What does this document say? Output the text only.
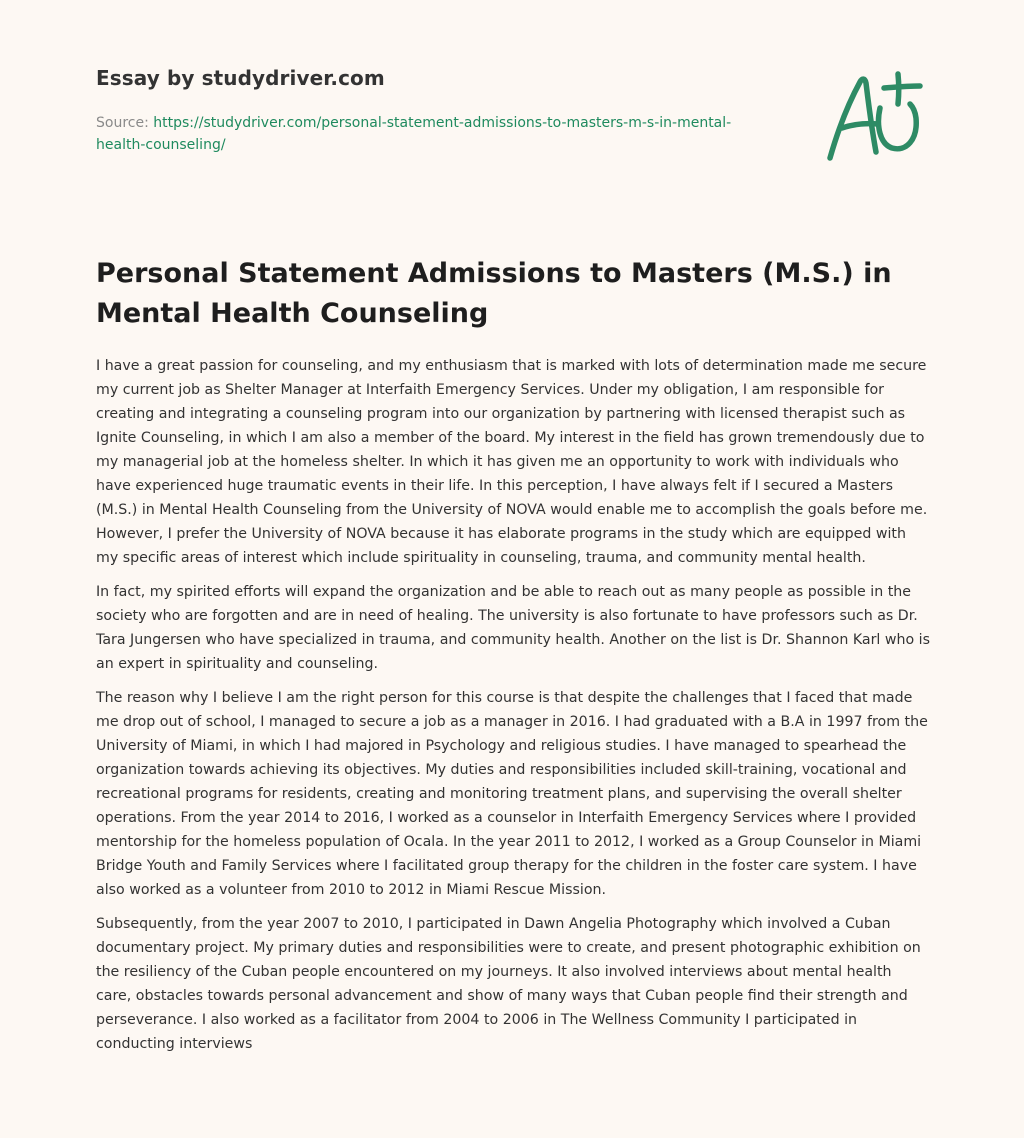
Essay by studydriver.com
Source: https://studydriver.com/personal-statement-admissions-to-masters-m-s-in-mental-health-counseling/
Personal Statement Admissions to Masters (M.S.) in Mental Health Counseling

I have a great passion for counseling, and my enthusiasm that is marked with lots of determination made me secure my current job as Shelter Manager at Interfaith Emergency Services. Under my obligation, I am responsible for creating and integrating a counseling program into our organization by partnering with licensed therapist such as Ignite Counseling, in which I am also a member of the board. My interest in the field has grown tremendously due to my managerial job at the homeless shelter. In which it has given me an opportunity to work with individuals who have experienced huge traumatic events in their life. In this perception, I have always felt if I secured a Masters (M.S.) in Mental Health Counseling from the University of NOVA would enable me to accomplish the goals before me. However, I prefer the University of NOVA because it has elaborate programs in the study which are equipped with my specific areas of interest which include spirituality in counseling, trauma, and community mental health.

In fact, my spirited efforts will expand the organization and be able to reach out as many people as possible in the society who are forgotten and are in need of healing. The university is also fortunate to have professors such as Dr. Tara Jungersen who have specialized in trauma, and community health. Another on the list is Dr. Shannon Karl who is an expert in spirituality and counseling.

The reason why I believe I am the right person for this course is that despite the challenges that I faced that made me drop out of school, I managed to secure a job as a manager in 2016. I had graduated with a B.A in 1997 from the University of Miami, in which I had majored in Psychology and religious studies. I have managed to spearhead the organization towards achieving its objectives. My duties and responsibilities included skill-training, vocational and recreational programs for residents, creating and monitoring treatment plans, and supervising the overall shelter operations. From the year 2014 to 2016, I worked as a counselor in Interfaith Emergency Services where I provided mentorship for the homeless population of Ocala. In the year 2011 to 2012, I worked as a Group Counselor in Miami Bridge Youth and Family Services where I facilitated group therapy for the children in the foster care system. I have also worked as a volunteer from 2010 to 2012 in Miami Rescue Mission.

Subsequently, from the year 2007 to 2010, I participated in Dawn Angelia Photography which involved a Cuban documentary project. My primary duties and responsibilities were to create, and present photographic exhibition on the resiliency of the Cuban people encountered on my journeys. It also involved interviews about mental health care, obstacles towards personal advancement and show of many ways that Cuban people find their strength and perseverance. I also worked as a facilitator from 2004 to 2006 in The Wellness Community I participated in conducting interviews
